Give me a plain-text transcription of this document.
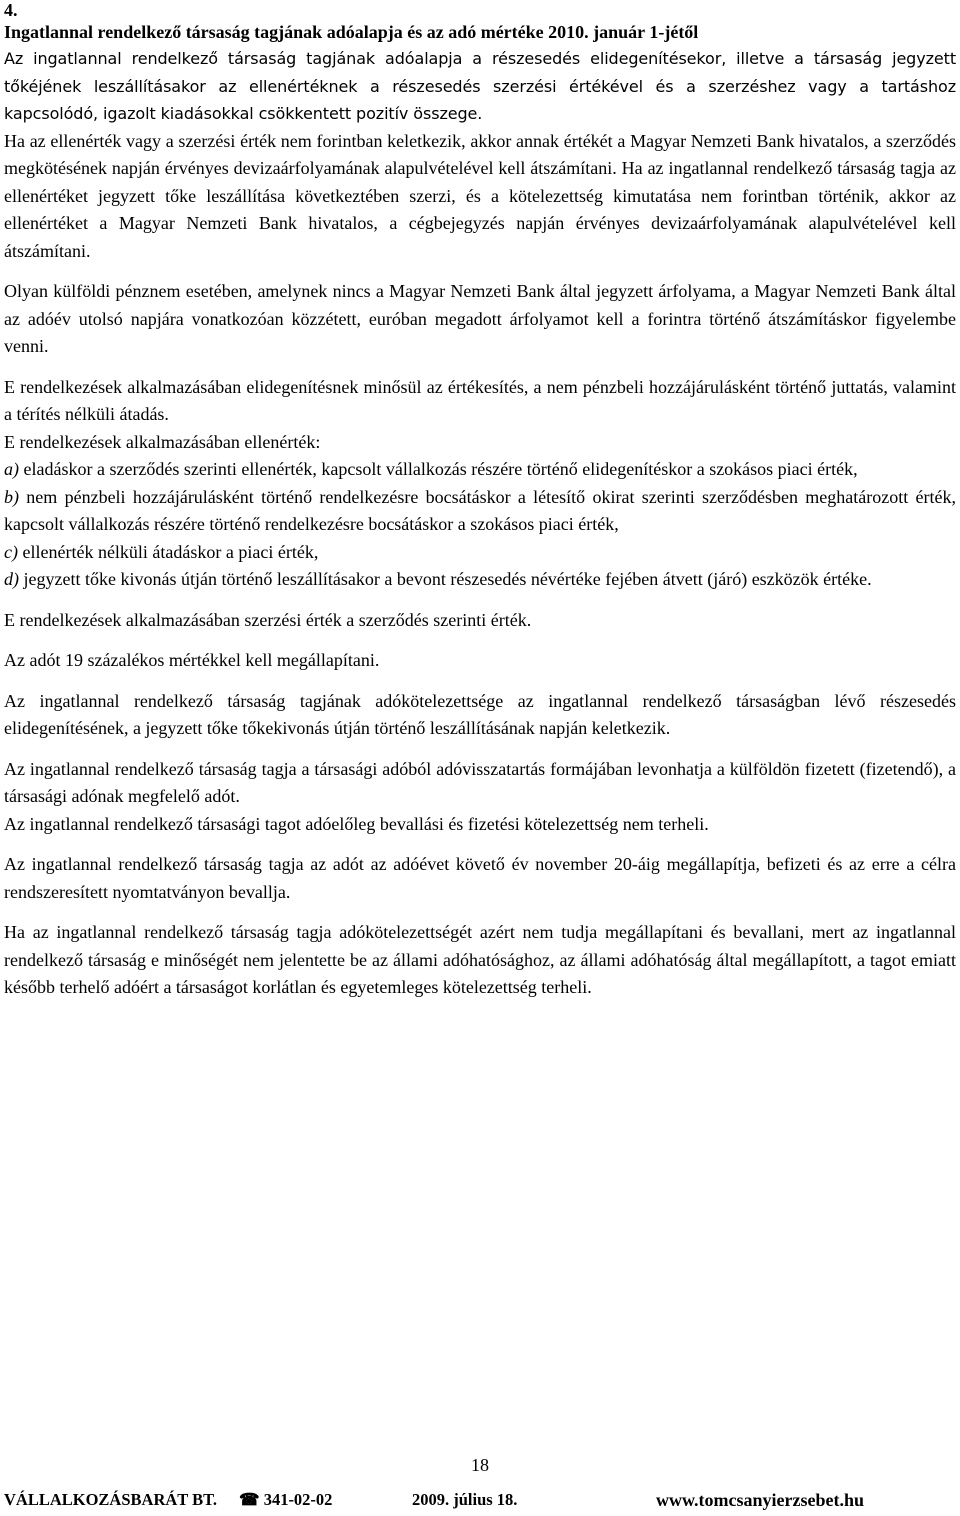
4.
Ingatlannal rendelkező társaság tagjának adóalapja és az adó mértéke 2010. január 1-jétől

Az ingatlannal rendelkező társaság tagjának adóalapja a részesedés elidegenítésekor, illetve a társaság jegyzett tőkéjének leszállításakor az ellenértéknek a részesedés szerzési értékével és a szerzéshez vagy a tartáshoz kapcsolódó, igazolt kiadásokkal csökkentett pozitív összege.

Ha az ellenérték vagy a szerzési érték nem forintban keletkezik, akkor annak értékét a Magyar Nemzeti Bank hivatalos, a szerződés megkötésének napján érvényes devizaárfolyamának alapulvételével kell átszámítani. Ha az ingatlannal rendelkező társaság tagja az ellenértéket jegyzett tőke leszállítása következtében szerzi, és a kötelezettség kimutatása nem forintban történik, akkor az ellenértéket a Magyar Nemzeti Bank hivatalos, a cégbejegyzés napján érvényes devizaárfolyamának alapulvételével kell átszámítani.

Olyan külföldi pénznem esetében, amelynek nincs a Magyar Nemzeti Bank által jegyzett árfolyama, a Magyar Nemzeti Bank által az adóév utolsó napjára vonatkozóan közzétett, euróban megadott árfolyamot kell a forintra történő átszámításkor figyelembe venni.

E rendelkezések alkalmazásában elidegenítésnek minősül az értékesítés, a nem pénzbeli hozzájárulásként történő juttatás, valamint a térítés nélküli átadás.

E rendelkezések alkalmazásában ellenérték:

a) eladáskor a szerződés szerinti ellenérték, kapcsolt vállalkozás részére történő elidegenítéskor a szokásos piaci érték,

b) nem pénzbeli hozzájárulásként történő rendelkezésre bocsátáskor a létesítő okirat szerinti szerződésben meghatározott érték, kapcsolt vállalkozás részére történő rendelkezésre bocsátáskor a szokásos piaci érték,

c) ellenérték nélküli átadáskor a piaci érték,

d) jegyzett tőke kivonás útján történő leszállításakor a bevont részesedés névértéke fejében átvett (járó) eszközök értéke.

E rendelkezések alkalmazásában szerzési érték a szerződés szerinti érték.

Az adót 19 százalékos mértékkel kell megállapítani.

Az ingatlannal rendelkező társaság tagjának adókötelezettsége az ingatlannal rendelkező társaságban lévő részesedés elidegenítésének, a jegyzett tőke tőkekivonás útján történő leszállításának napján keletkezik.

Az ingatlannal rendelkező társaság tagja a társasági adóból adóvisszatartás formájában levonhatja a külföldön fizetett (fizetendő), a társasági adónak megfelelő adót.

Az ingatlannal rendelkező társasági tagot adóelőleg bevallási és fizetési kötelezettség nem terheli.

Az ingatlannal rendelkező társaság tagja az adót az adóévet követő év november 20-áig megállapítja, befizeti és az erre a célra rendszeresített nyomtatványon bevallja.

Ha az ingatlannal rendelkező társaság tagja adókötelezettségét azért nem tudja megállapítani és bevallani, mert az ingatlannal rendelkező társaság e minőségét nem jelentette be az állami adóhatósághoz, az állami adóhatóság által megállapított, a tagot emiatt később terhelő adóért a társaságot korlátlan és egyetemleges kötelezettség terheli.

18
VÁLLALKOZÁSBARÁT BT. ☎ 341-02-02	2009. július 18.	www.tomcsanyierzsebet.hu
